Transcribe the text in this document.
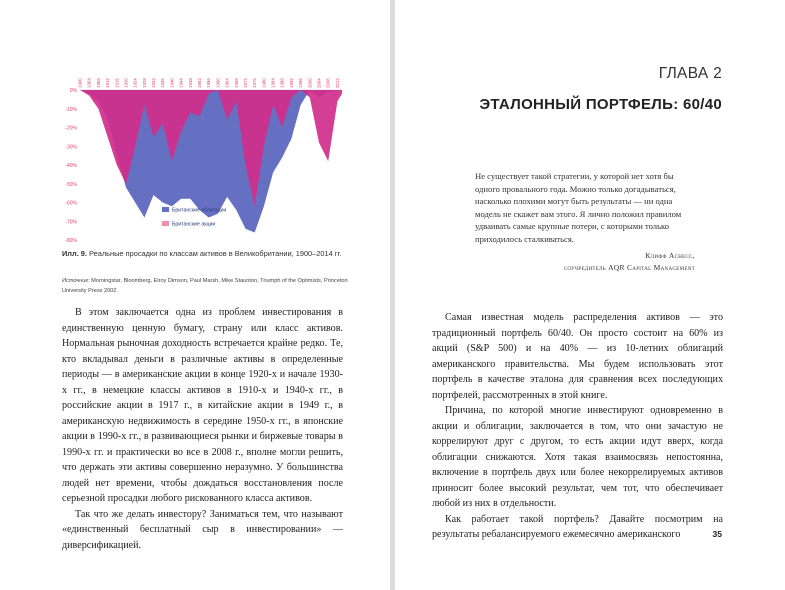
1900 1904 1908 1912 1916 1920 1924 1928 1932 1936 1940 1944 1948 1952 1956 1960 1964 1968 1972 1976 1980 1984 1988 1992 1996 2000 2004 2008 2012
0%
-10%
-20%
-30%
-40%
-50%
-60%
-70%
-80%
Британские облигации
Британские акции
Илл. 9. Реальные просадки по классам активов в Великобритании, 1900–2014 гг.
Источник: Morningstar, Bloomberg, Elroy Dimson, Paul Marsh, Mike Staunton, Triumph of the Optimists, Princeton University Press 2002.

В этом заключается одна из проблем инвестирования в единственную ценную бумагу, страну или класс активов. Нормальная рыночная доходность встречается крайне редко. Те, кто вкладывал деньги в различные активы в определенные периоды — в американские акции в конце 1920-х и начале 1930-х гг., в немецкие классы активов в 1910-х и 1940-х гг., в российские акции в 1917 г., в китайские акции в 1949 г., в американскую недвижимость в середине 1950-х гг., в японские акции в 1990-х гг., в развивающиеся рынки и биржевые товары в 1990-х гг. и практически во все в 2008 г., вполне могли решить, что держать эти активы совершенно неразумно. У большинства людей нет времени, чтобы дождаться восстановления после серьезной просадки любого рискованного класса активов.

Так что же делать инвестору? Заниматься тем, что называют «единственный бесплатный сыр в инвестировании» — диверсификацией.

ГЛАВА 2
ЭТАЛОННЫЙ ПОРТФЕЛЬ: 60/40
Не существует такой стратегии, у которой нет хотя бы одного провального года. Можно только догадываться, насколько плохими могут быть результаты — ни одна модель не скажет вам этого. Я лично положил правилом удваивать самые крупные потери, с которыми только приходилось сталкиваться.
Клифф Аснесс,
соучредитель AQR Capital Management

Самая известная модель распределения активов — это традиционный портфель 60/40. Он просто состоит на 60% из акций (S&P 500) и на 40% — из 10-летних облигаций американского правительства. Мы будем использовать этот портфель в качестве эталона для сравнения всех последующих портфелей, рассмотренных в этой книге.

Причина, по которой многие инвестируют одновременно в акции и облигации, заключается в том, что они зачастую не коррелируют друг с другом, то есть акции идут вверх, когда облигации снижаются. Хотя такая взаимосвязь непостоянна, включение в портфель двух или более некоррелируемых активов приносит более высокий результат, чем тот, что обеспечивает любой из них в отдельности.

Как работает такой портфель? Давайте посмотрим на результаты ребалансируемого ежемесячно американского	35
